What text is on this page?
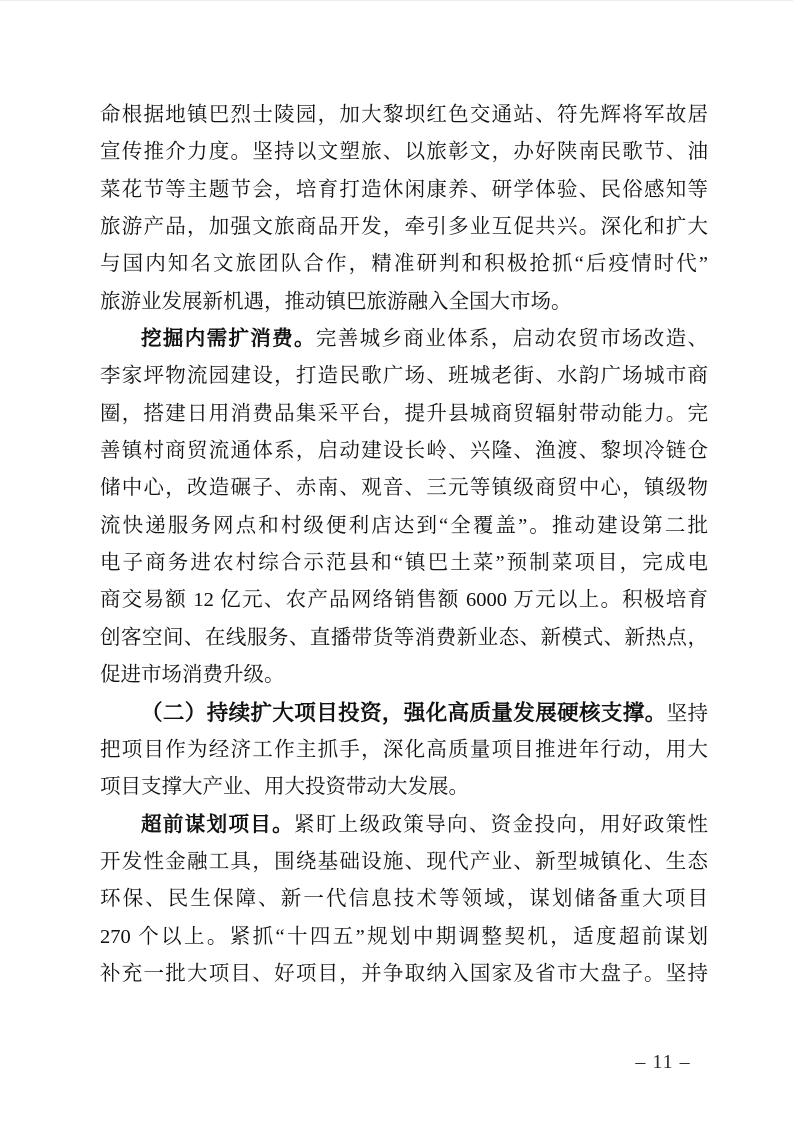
命根据地镇巴烈士陵园，加大黎坝红色交通站、符先辉将军故居
宣传推介力度。坚持以文塑旅、以旅彰文，办好陕南民歌节、油
菜花节等主题节会，培育打造休闲康养、研学体验、民俗感知等
旅游产品，加强文旅商品开发，牵引多业互促共兴。深化和扩大
与国内知名文旅团队合作，精准研判和积极抢抓“后疫情时代”
旅游业发展新机遇，推动镇巴旅游融入全国大市场。
挖掘内需扩消费。完善城乡商业体系，启动农贸市场改造、
李家坪物流园建设，打造民歌广场、班城老街、水韵广场城市商
圈，搭建日用消费品集采平台，提升县城商贸辐射带动能力。完
善镇村商贸流通体系，启动建设长岭、兴隆、渔渡、黎坝冷链仓
储中心，改造碾子、赤南、观音、三元等镇级商贸中心，镇级物
流快递服务网点和村级便利店达到“全覆盖”。推动建设第二批
电子商务进农村综合示范县和“镇巴土菜”预制菜项目，完成电
商交易额 12 亿元、农产品网络销售额 6000 万元以上。积极培育
创客空间、在线服务、直播带货等消费新业态、新模式、新热点，
促进市场消费升级。
（二）持续扩大项目投资，强化高质量发展硬核支撑。坚持
把项目作为经济工作主抓手，深化高质量项目推进年行动，用大
项目支撑大产业、用大投资带动大发展。
超前谋划项目。紧盯上级政策导向、资金投向，用好政策性
开发性金融工具，围绕基础设施、现代产业、新型城镇化、生态
环保、民生保障、新一代信息技术等领域，谋划储备重大项目
270 个以上。紧抓“十四五”规划中期调整契机，适度超前谋划
补充一批大项目、好项目，并争取纳入国家及省市大盘子。坚持
– 11 –
